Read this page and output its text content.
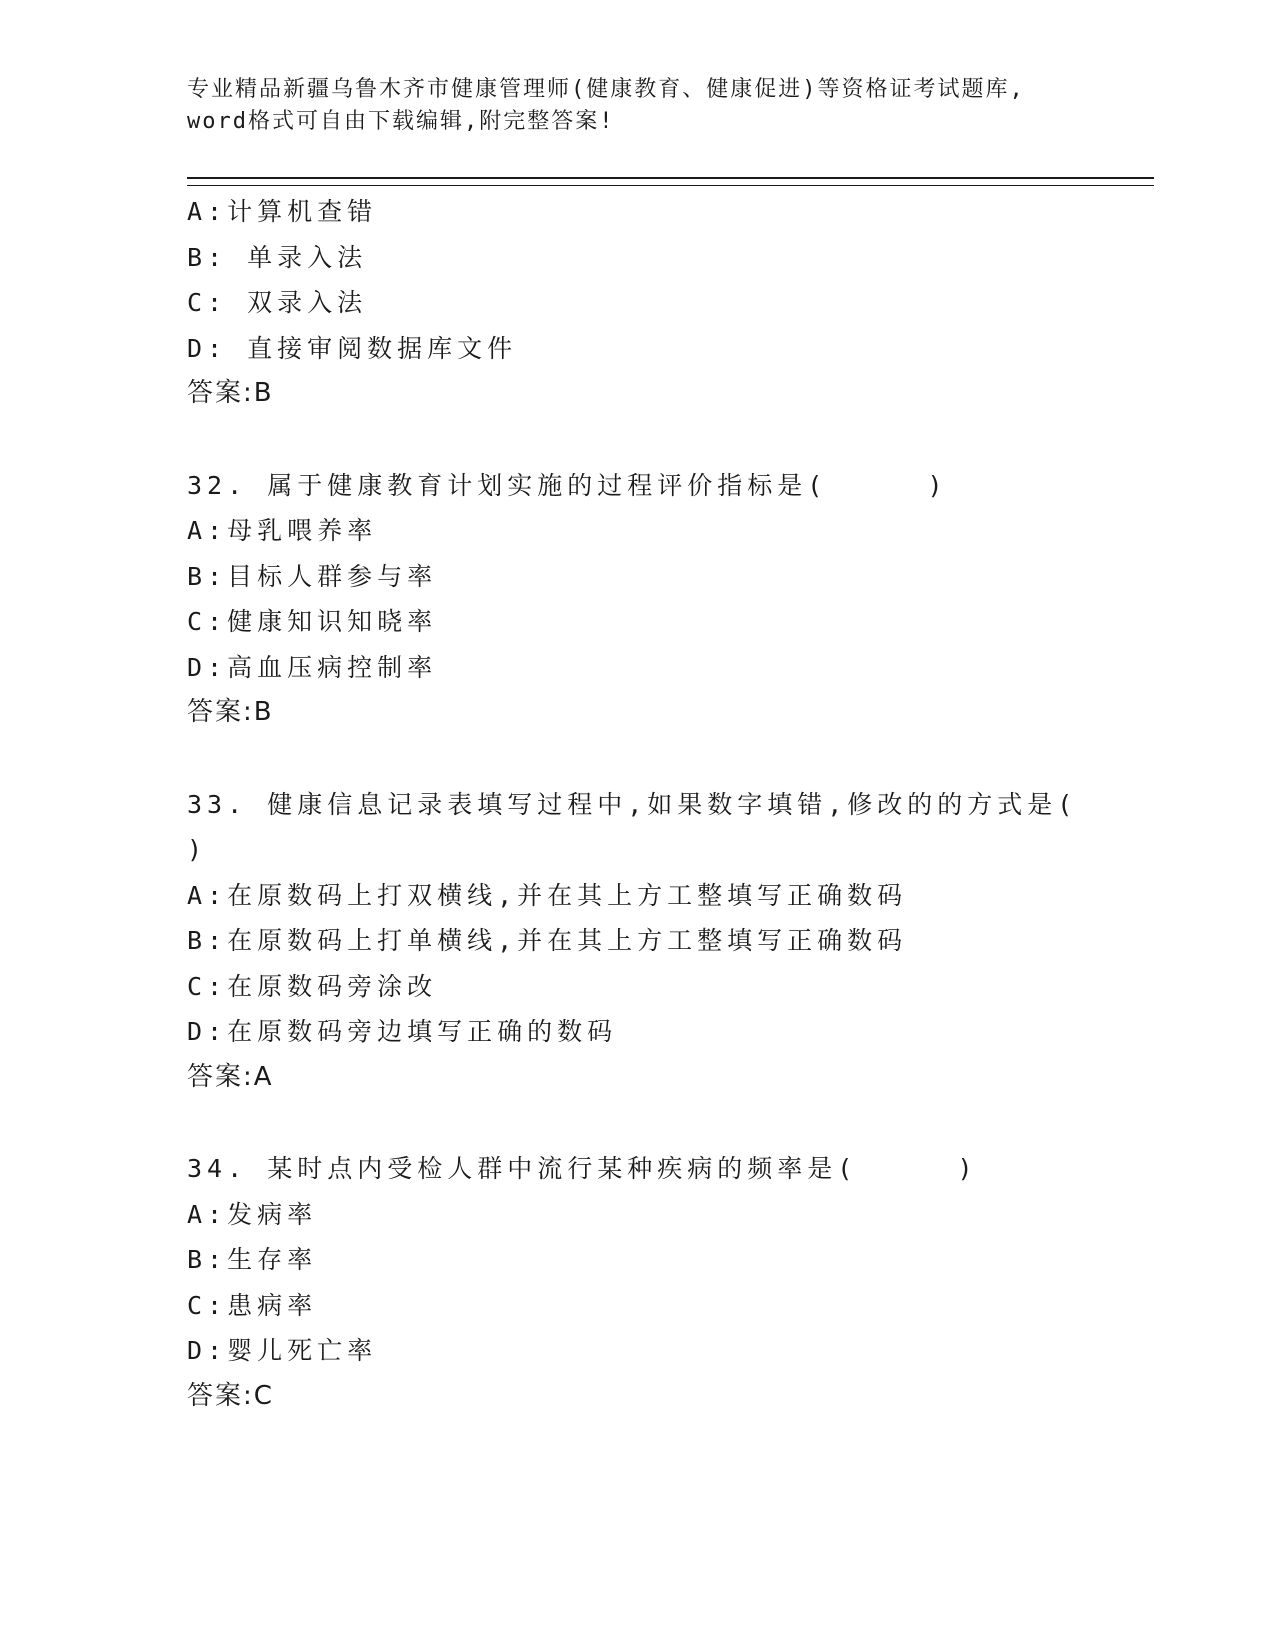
专业精品新疆乌鲁木齐市健康管理师(健康教育、健康促进)等资格证考试题库,
word格式可自由下载编辑,附完整答案!
A:计算机查错
B: 单录入法
C: 双录入法
D: 直接审阅数据库文件
答案:B
32. 属于健康教育计划实施的过程评价指标是(     )
A:母乳喂养率
B:目标人群参与率
C:健康知识知晓率
D:高血压病控制率
答案:B
33. 健康信息记录表填写过程中,如果数字填错,修改的的方式是(
)
A:在原数码上打双横线,并在其上方工整填写正确数码
B:在原数码上打单横线,并在其上方工整填写正确数码
C:在原数码旁涂改
D:在原数码旁边填写正确的数码
答案:A
34. 某时点内受检人群中流行某种疾病的频率是(     )
A:发病率
B:生存率
C:患病率
D:婴儿死亡率
答案:C
